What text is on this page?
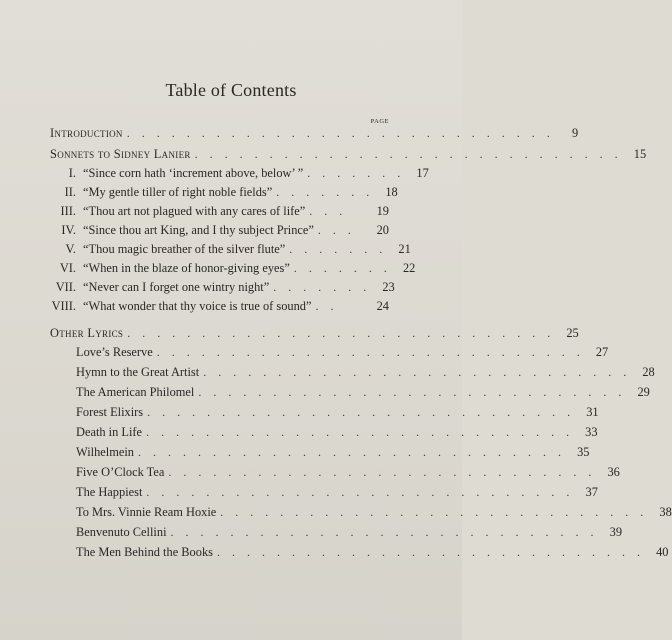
Table of Contents
PAGE
Introduction . . . . . . . . . . . . . . . . . . . . . . . . . . . . .	9
Sonnets to Sidney Lanier . . . . . . . . . . . . . . . . . . . . . . . . . . . . . 15
I. “Since corn hath ‘increment above, below’ ” . . . . . . . 17
II. “My gentle tiller of right noble fields” . . . . . . . 18
III. “Thou art not plagued with any cares of life” . . .	19
IV. “Since thou art King, and I thy subject Prince” . . .	20
V. “Thou magic breather of the silver flute” . . . . . . . 21
VI. “When in the blaze of honor-giving eyes” . . . . . . . 22
VII. “Never can I forget one wintry night” . . . . . . . 23
VIII. “What wonder that thy voice is true of sound” . .	24
Other Lyrics . . . . . . . . . . . . . . . . . . . . . . . . . . . . . 25
Love’s Reserve . . . . . . . . . . . . . . . . . . . . . . . . . . . . . 27
Hymn to the Great Artist . . . . . . . . . . . . . . . . . . . . . . . . . . . . . 28
The American Philomel . . . . . . . . . . . . . . . . . . . . . . . . . . . . . 29
Forest Elixirs . . . . . . . . . . . . . . . . . . . . . . . . . . . . . 31
Death in Life . . . . . . . . . . . . . . . . . . . . . . . . . . . . . 33
Wilhelmein . . . . . . . . . . . . . . . . . . . . . . . . . . . . . 35
Five O’Clock Tea . . . . . . . . . . . . . . . . . . . . . . . . . . . . . 36
The Happiest . . . . . . . . . . . . . . . . . . . . . . . . . . . . . 37
To Mrs. Vinnie Ream Hoxie . . . . . . . . . . . . . . . . . . . . . . . . . . . . . 38
Benvenuto Cellini . . . . . . . . . . . . . . . . . . . . . . . . . . . . . 39
The Men Behind the Books . . . . . . . . . . . . . . . . . . . . . . . . . . . . . 40
